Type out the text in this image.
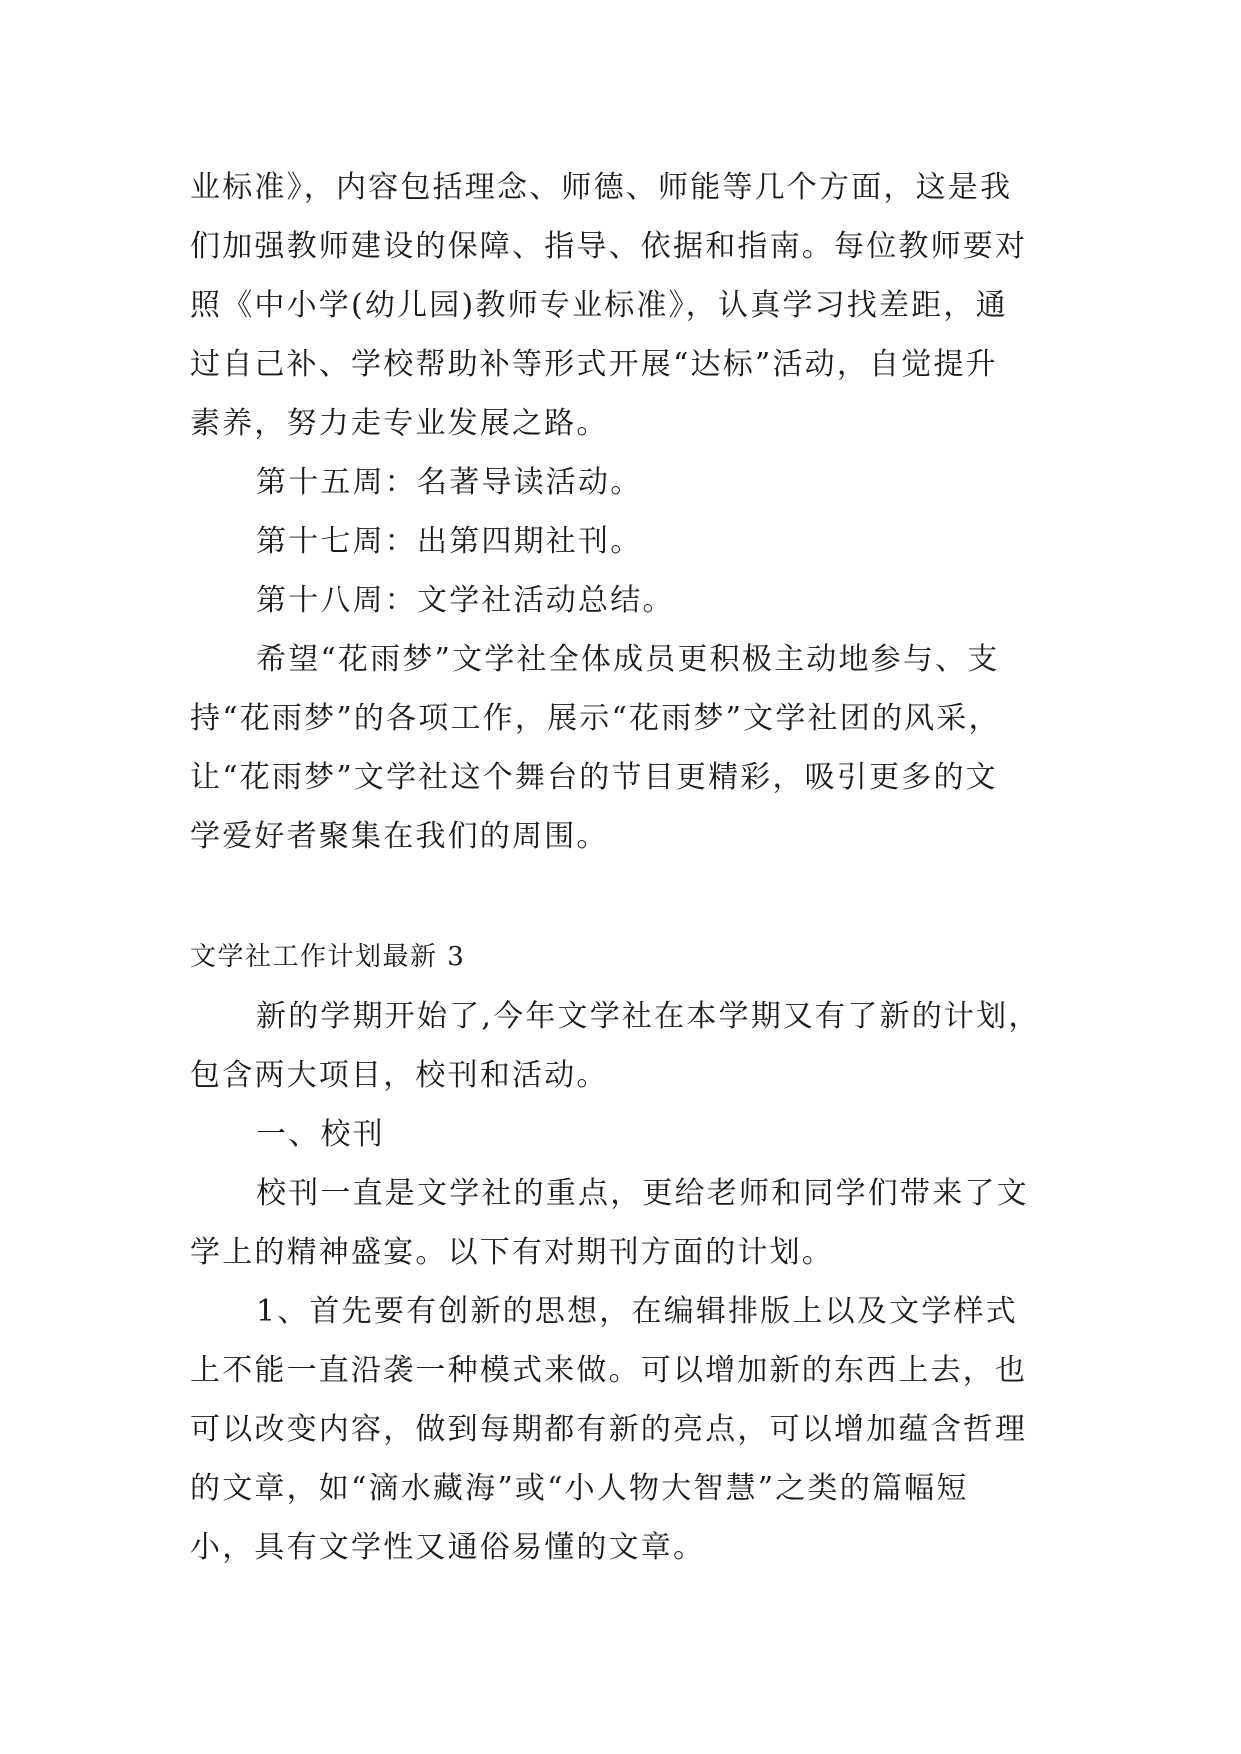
业标准》，内容包括理念、师德、师能等几个方面，这是我

们加强教师建设的保障、指导、依据和指南。每位教师要对

照《中小学(幼儿园)教师专业标准》，认真学习找差距，通

过自己补、学校帮助补等形式开展“达标”活动，自觉提升

素养，努力走专业发展之路。

第十五周：名著导读活动。

第十七周：出第四期社刊。

第十八周：文学社活动总结。

希望“花雨梦”文学社全体成员更积极主动地参与、支

持“花雨梦”的各项工作，展示“花雨梦”文学社团的风采，

让“花雨梦”文学社这个舞台的节目更精彩，吸引更多的文

学爱好者聚集在我们的周围。

文学社工作计划最新 3

新的学期开始了,今年文学社在本学期又有了新的计划，

包含两大项目，校刊和活动。

一、校刊

校刊一直是文学社的重点，更给老师和同学们带来了文

学上的精神盛宴。以下有对期刊方面的计划。

1、首先要有创新的思想，在编辑排版上以及文学样式

上不能一直沿袭一种模式来做。可以增加新的东西上去，也

可以改变内容，做到每期都有新的亮点，可以增加蕴含哲理

的文章，如“滴水藏海”或“小人物大智慧”之类的篇幅短

小，具有文学性又通俗易懂的文章。
